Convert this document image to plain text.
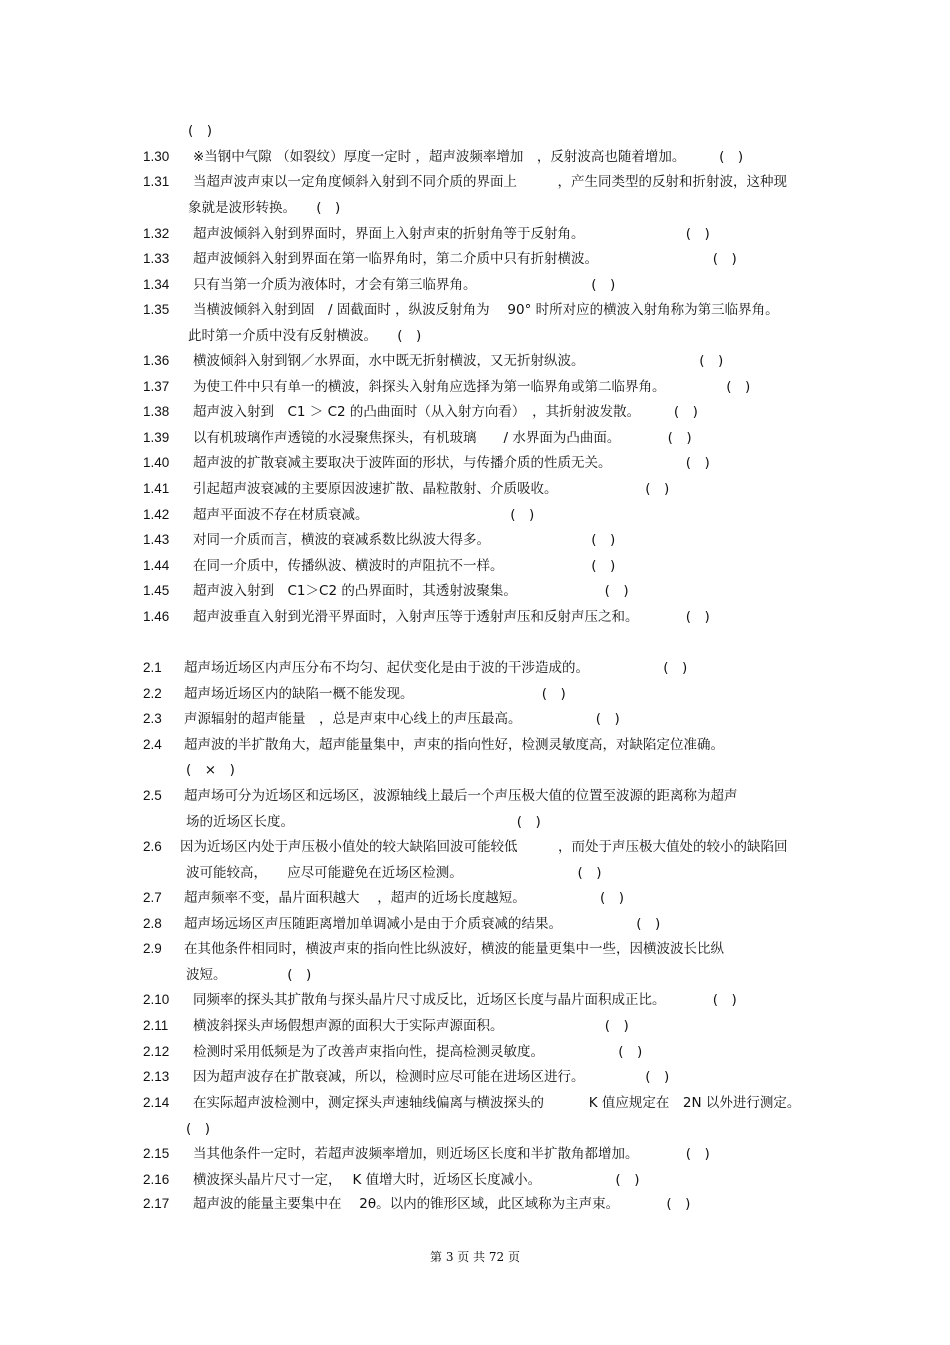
(　)
1.30 ※当钢中气隙 （如裂纹）厚度一定时 ，超声波频率增加　，反射波高也随着增加。　　　(　)
1.31 当超声波声束以一定角度倾斜入射到不同介质的界面上　　　，产生同类型的反射和折射波，这种现
象就是波形转换。　　(　)
1.32 超声波倾斜入射到界面时，界面上入射声束的折射角等于反射角。　　　　　　　　(　)
1.33 超声波倾斜入射到界面在第一临界角时，第二介质中只有折射横波。　　　　　　　　　(　)
1.34 只有当第一介质为液体时，才会有第三临界角。　　　　　　　　　(　)
1.35 当横波倾斜入射到固　/ 固截面时 ，纵波反射角为　 90° 时所对应的横波入射角称为第三临界角。
此时第一介质中没有反射横波。　　(　)
1.36 横波倾斜入射到钢／水界面，水中既无折射横波，又无折射纵波。　　　　　　　　　(　)
1.37 为使工件中只有单一的横波，斜探头入射角应选择为第一临界角或第二临界角。　　　　　(　)
1.38 超声波入射到　C1 ＞ C2 的凸曲面时（从入射方向看）　，其折射波发散。　　　(　)
1.39 以有机玻璃作声透镜的水浸聚焦探头，有机玻璃　　/ 水界面为凸曲面。　　　　(　)
1.40 超声波的扩散衰减主要取决于波阵面的形状，与传播介质的性质无关。　　　　　　(　)
1.41 引起超声波衰减的主要原因波速扩散、晶粒散射、介质吸收。　　　　　　　(　)
1.42 超声平面波不存在材质衰减。　　　　　　　　　　　(　)
1.43 对同一介质而言，横波的衰减系数比纵波大得多。　　　　　　　　(　)
1.44 在同一介质中，传播纵波、横波时的声阻抗不一样。　　　　　　　(　)
1.45 超声波入射到　C1＞C2 的凸界面时，其透射波聚集。　　　　　　　(　)
1.46 超声波垂直入射到光滑平界面时，入射声压等于透射声压和反射声压之和。　　　　(　)
2.1 超声场近场区内声压分布不均匀、起伏变化是由于波的干涉造成的。　　　　　　(　)
2.2 超声场近场区内的缺陷一概不能发现。　　　　　　　　　　(　)
2.3 声源辐射的超声能量　，总是声束中心线上的声压最高。　　　　　　(　)
2.4 超声波的半扩散角大，超声能量集中，声束的指向性好，检测灵敏度高，对缺陷定位准确。
(　×　)
2.5 超声场可分为近场区和远场区，波源轴线上最后一个声压极大值的位置至波源的距离称为超声
场的近场区长度。　　　　　　　　　　　　　　　　　(　)
2.6 因为近场区内处于声压极小值处的较大缺陷回波可能较低　　　，而处于声压极大值处的较小的缺陷回
波可能较高，　　应尽可能避免在近场区检测。　　　　　　　　　(　)
2.7 超声频率不变，晶片面积越大　 ，超声的近场长度越短。　　　　　　(　)
2.8 超声场远场区声压随距离增加单调减小是由于介质衰减的结果。　　　　　　(　)
2.9 在其他条件相同时，横波声束的指向性比纵波好，横波的能量更集中一些，因横波波长比纵
波短。　　　　　(　)
2.10 同频率的探头其扩散角与探头晶片尺寸成反比，近场区长度与晶片面积成正比。　　　　(　)
2.11 横波斜探头声场假想声源的面积大于实际声源面积。　　　　　　　　(　)
2.12 检测时采用低频是为了改善声束指向性，提高检测灵敏度。　　　　　　(　)
2.13 因为超声波存在扩散衰减，所以，检测时应尽可能在进场区进行。　　　　　(　)
2.14 在实际超声波检测中，测定探头声速轴线偏离与横波探头的　　　 K 值应规定在　2N 以外进行测定。
(　)
2.15 当其他条件一定时，若超声波频率增加，则近场区长度和半扩散角都增加。　　　　(　)
2.16 横波探头晶片尺寸一定，　 K 值增大时，近场区长度减小。　　　　　　(　)
2.17 超声波的能量主要集中在　 2θ。以内的锥形区域，此区域称为主声束。　　　　(　)
第 3 页 共 72 页
